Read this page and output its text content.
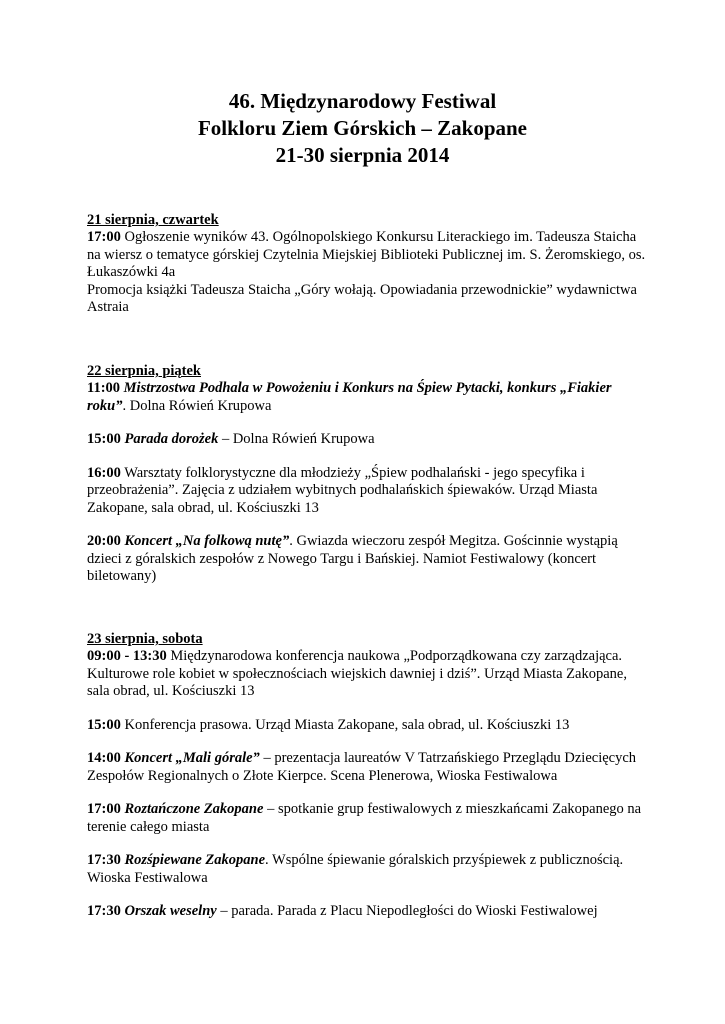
46. Międzynarodowy Festiwal
Folkloru Ziem Górskich – Zakopane
21-30 sierpnia 2014
21 sierpnia, czwartek
17:00 Ogłoszenie wyników 43. Ogólnopolskiego Konkursu Literackiego im. Tadeusza Staicha na wiersz o tematyce górskiej Czytelnia Miejskiej Biblioteki Publicznej im. S. Żeromskiego, os. Łukaszówki 4a
Promocja książki Tadeusza Staicha „Góry wołają. Opowiadania przewodnickie” wydawnictwa Astraia
22 sierpnia, piątek
11:00 Mistrzostwa Podhala w Powożeniu i Konkurs na Śpiew Pytacki, konkurs „Fiakier roku”. Dolna Rówień Krupowa
15:00 Parada dorożek – Dolna Rówień Krupowa
16:00 Warsztaty folklorystyczne dla młodzieży „Śpiew podhalański - jego specyfika i przeobrażenia”. Zajęcia z udziałem wybitnych podhalańskich śpiewaków. Urząd Miasta Zakopane, sala obrad, ul. Kościuszki 13
20:00 Koncert „Na folkową nutę”. Gwiazda wieczoru zespół Megitza. Gościnnie wystąpią dzieci z góralskich zespołów z Nowego Targu i Bańskiej. Namiot Festiwalowy (koncert biletowany)
23 sierpnia, sobota
09:00 - 13:30 Międzynarodowa konferencja naukowa „Podporządkowana czy zarządzająca. Kulturowe role kobiet w społecznościach wiejskich dawniej i dziś”. Urząd Miasta Zakopane, sala obrad, ul. Kościuszki 13
15:00 Konferencja prasowa. Urząd Miasta Zakopane, sala obrad, ul. Kościuszki 13
14:00 Koncert „Mali górale” – prezentacja laureatów V Tatrzańskiego Przeglądu Dziecięcych Zespołów Regionalnych o Złote Kierpce. Scena Plenerowa, Wioska Festiwalowa
17:00 Roztańczone Zakopane – spotkanie grup festiwalowych z mieszkańcami Zakopanego na terenie całego miasta
17:30 Rozśpiewane Zakopane. Wspólne śpiewanie góralskich przyśpiewek z publicznością. Wioska Festiwalowa
17:30 Orszak weselny – parada. Parada z Placu Niepodległości do Wioski Festiwalowej
